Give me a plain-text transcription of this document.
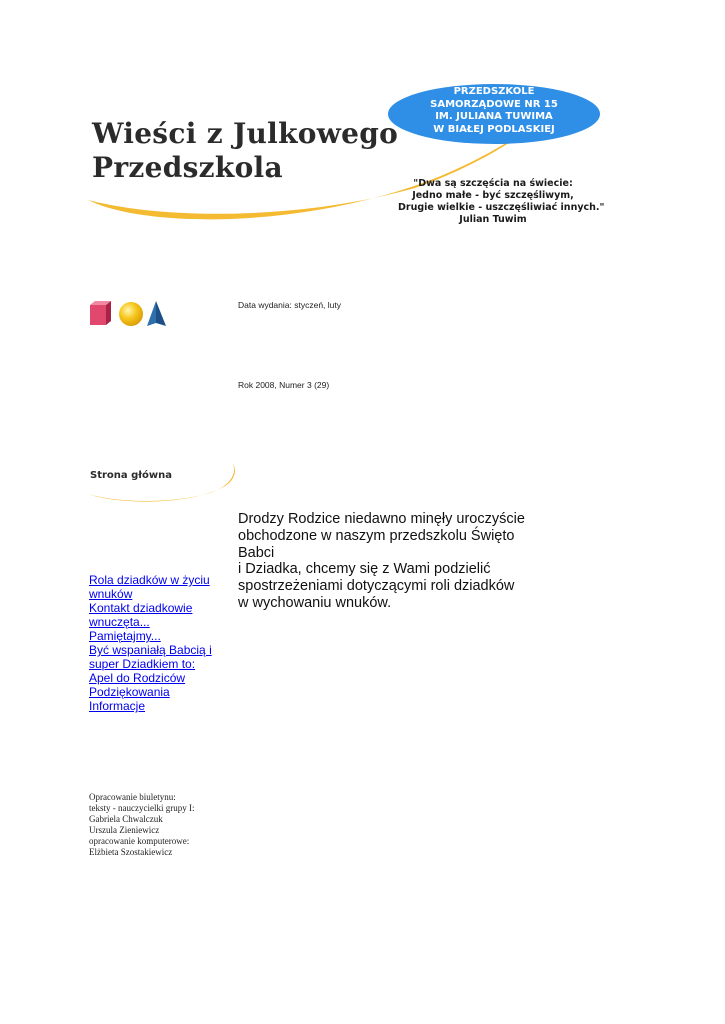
Wieści z Julkowego
Przedszkola
PRZEDSZKOLE
SAMORZĄDOWE NR 15
IM. JULIANA TUWIMA
W BIAŁEJ PODLASKIEJ
"Dwa są szczęścia na świecie:
Jedno małe - być szczęśliwym,
Drugie wielkie - uszczęśliwiać innych."
Julian Tuwim
Data wydania: styczeń, luty
Rok 2008, Numer 3 (29)
Strona główna
Rola dziadków w życiu wnuków
Kontakt dziadkowie wnuczęta...
Pamiętajmy...
Być wspaniałą Babcią i super Dziadkiem to:
Apel do Rodziców
Podziękowania
Informacje
Drodzy Rodzice niedawno minęły uroczyście
obchodzone w naszym przedszkolu Święto
Babci
i Dziadka, chcemy się z Wami podzielić
spostrzeżeniami dotyczącymi roli dziadków
w wychowaniu wnuków.
Opracowanie biuletynu:
teksty - nauczycielki grupy I:
Gabriela Chwalczuk
Urszula Zieniewicz
opracowanie komputerowe:
Elżbieta Szostakiewicz
